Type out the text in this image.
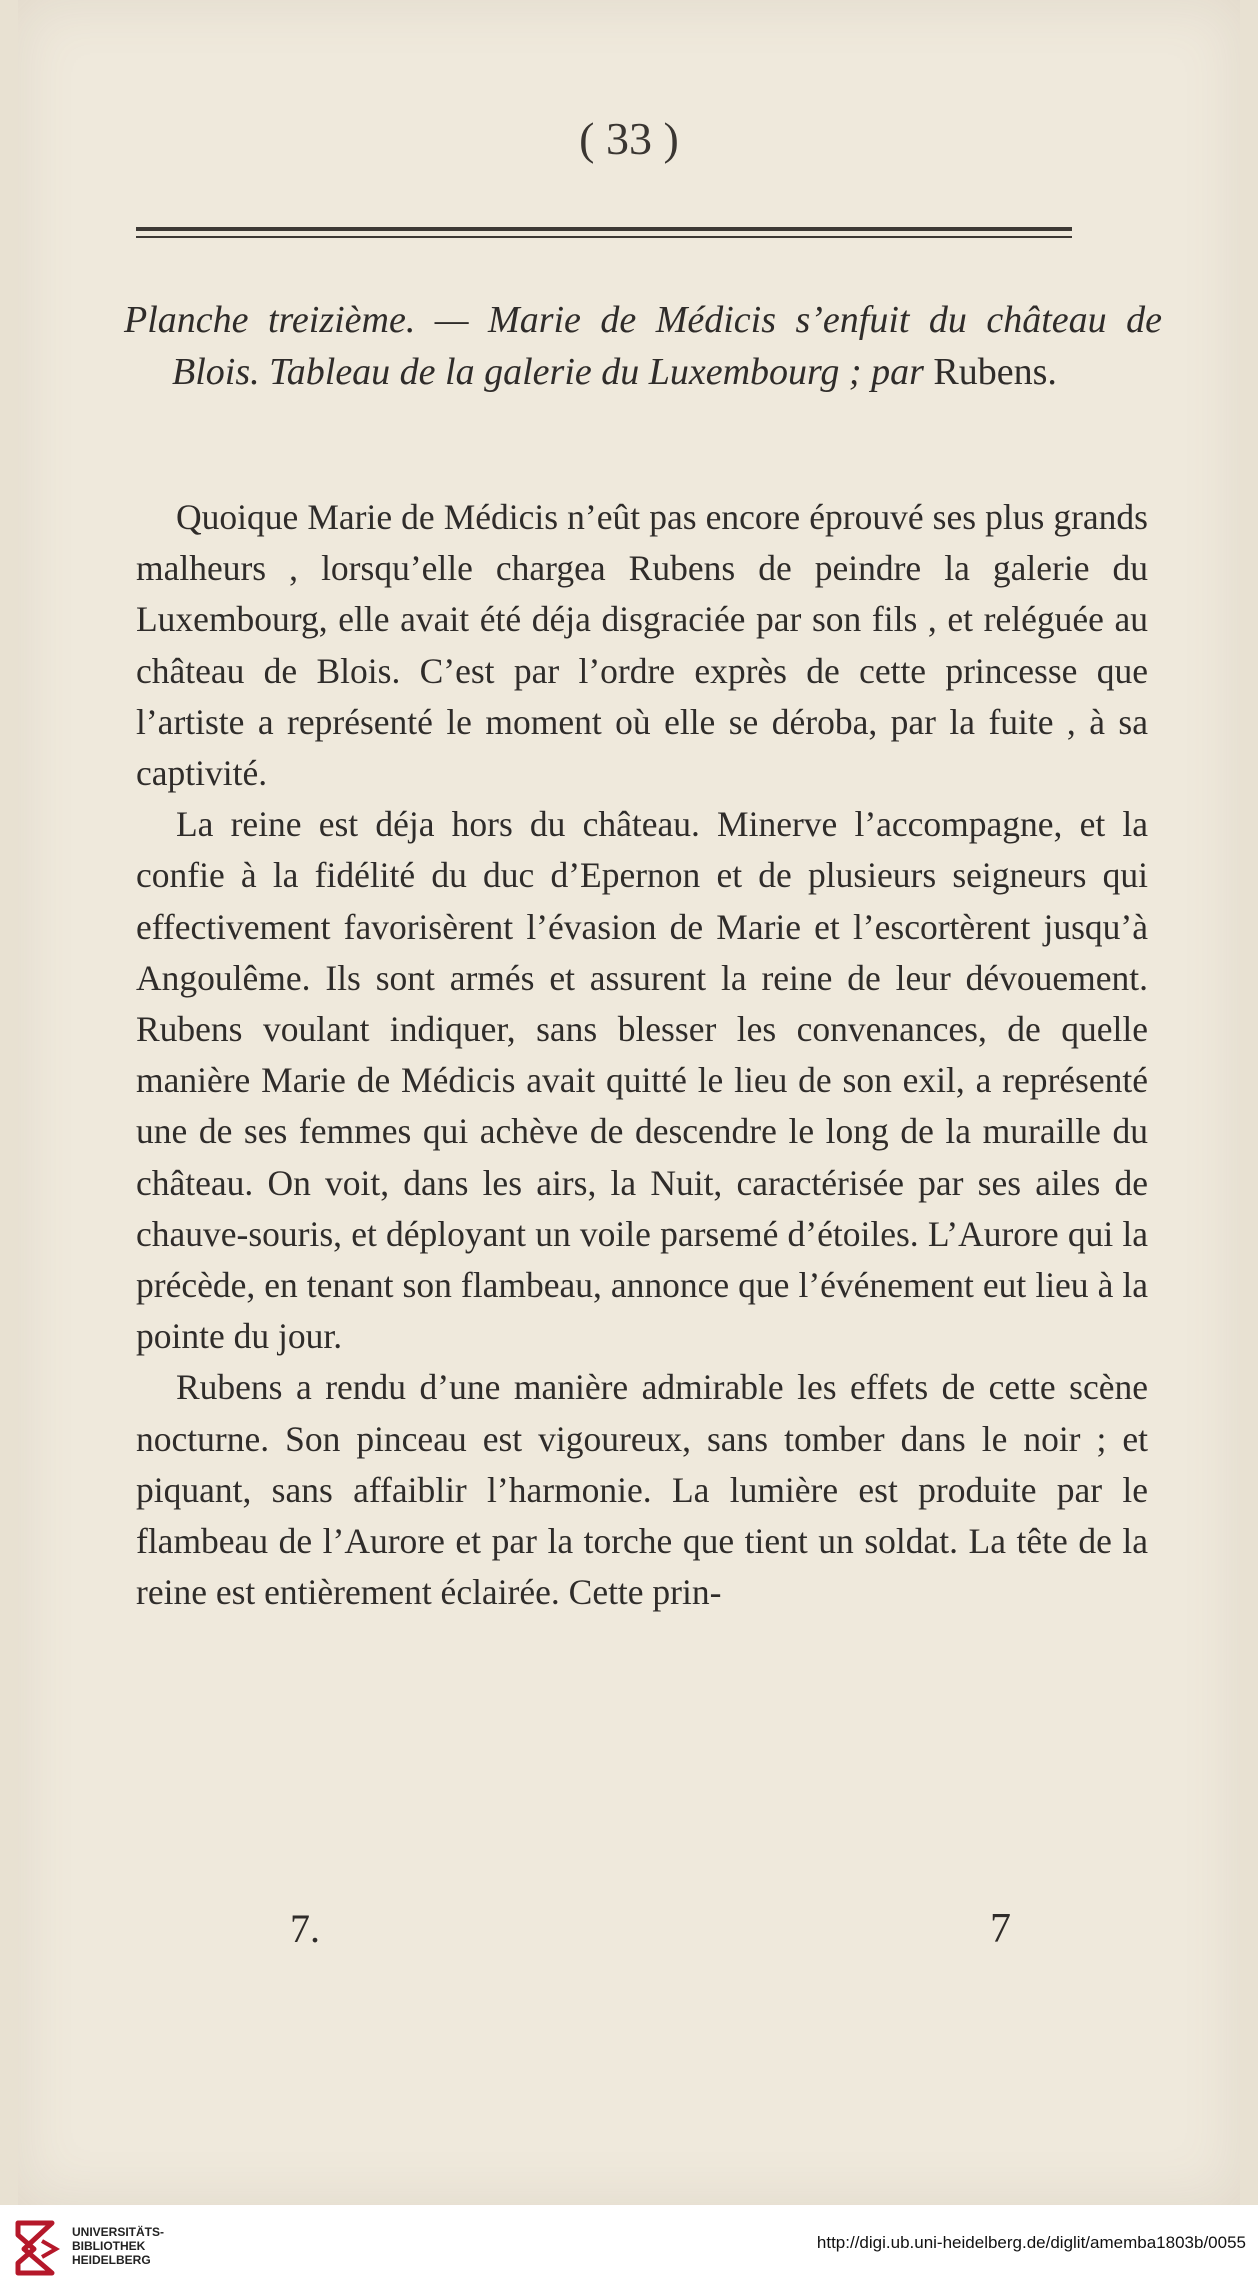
( 33 )
Planche treizième. — Marie de Médicis s’enfuit du château de Blois. Tableau de la galerie du Luxembourg ; par Rubens.

Quoique Marie de Médicis n’eût pas encore éprouvé ses plus grands malheurs , lorsqu’elle chargea Rubens de peindre la galerie du Luxembourg, elle avait été déja disgraciée par son fils , et reléguée au château de Blois. C’est par l’ordre exprès de cette princesse que l’artiste a représenté le moment où elle se déroba, par la fuite , à sa captivité.

La reine est déja hors du château. Minerve l’accompagne, et la confie à la fidélité du duc d’Epernon et de plusieurs seigneurs qui effectivement favorisèrent l’évasion de Marie et l’escortèrent jusqu’à Angoulême. Ils sont armés et assurent la reine de leur dévouement. Rubens voulant indiquer, sans blesser les convenances, de quelle manière Marie de Médicis avait quitté le lieu de son exil, a représenté une de ses femmes qui achève de descendre le long de la muraille du château. On voit, dans les airs, la Nuit, caractérisée par ses ailes de chauve-souris, et déployant un voile parsemé d’étoiles. L’Aurore qui la précède, en tenant son flambeau, annonce que l’événement eut lieu à la pointe du jour.

Rubens a rendu d’une manière admirable les effets de cette scène nocturne. Son pinceau est vigoureux, sans tomber dans le noir ; et piquant, sans affaiblir l’harmonie. La lumière est produite par le flambeau de l’Aurore et par la torche que tient un soldat. La tête de la reine est entièrement éclairée. Cette prin-

7.	7
UNIVERSITÄTS-
BIBLIOTHEK
HEIDELBERG
http://digi.ub.uni-heidelberg.de/diglit/amemba1803b/0055
